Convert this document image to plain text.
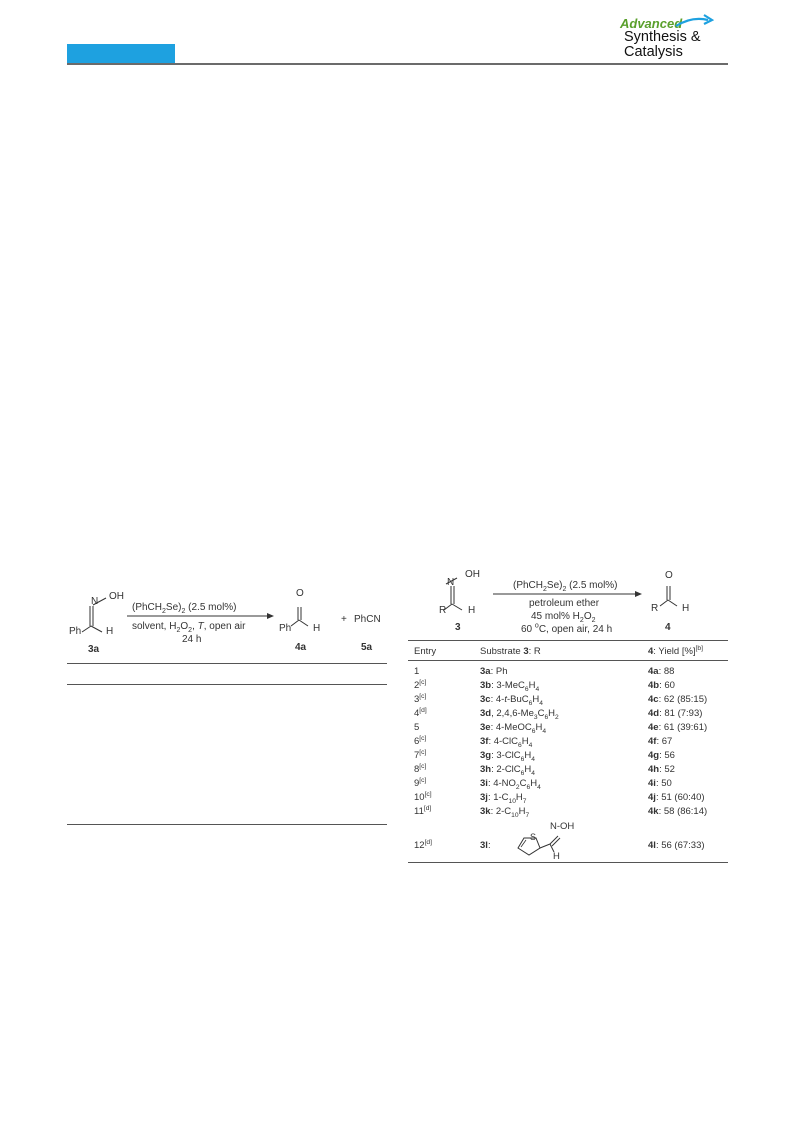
Advanced
Synthesis &
Catalysis
N OH
Ph H
3a
$(PhCH_2Se)_2$ (2.5 mol%)
solvent, $H_2O_2$, T, open air
24 h
O
Ph H
4a
+ PhCN
5a
N
OH
R H
3
$(PhCH_2Se)_2$ (2.5 mol%)
petroleum ether
45 mol% $H_2O_2$
60 $^o$C, open air, 24 h
O
R H
4
Entry	Substrate 3: R	4: Yield [%][b]
1	3a: Ph	4a: 88
2[c]	3b: $3-MeC_6H_4$	4b: 60
3[c]	3c: $4-t-BuC_6H_4$	4c: 62 (85:15)
4[d]	3d, $2,4,6-Me_3C_6H_2$	4d: 81 (7:93)
5	3e: $4-MeOC_6H_4$	4e: 61 (39:61)
6[c]	3f: $4-ClC_6H_4$	4f: 67
7[c]	3g: $3-ClC_6H_4$	4g: 56
8[c]	3h: $2-ClC_6H_4$	4h: 52
9[c]	3i: $4-NO_2C_6H_4$	4i: 50
10[c]	3j: $1-C_{10}H_7$	4j: 51 (60:40)
11[d]	3k: $2-C_{10}H_7$	4k: 58 (86:14)
12[d]	3l:	4l: 56 (67:33)
S
N-OH
H
